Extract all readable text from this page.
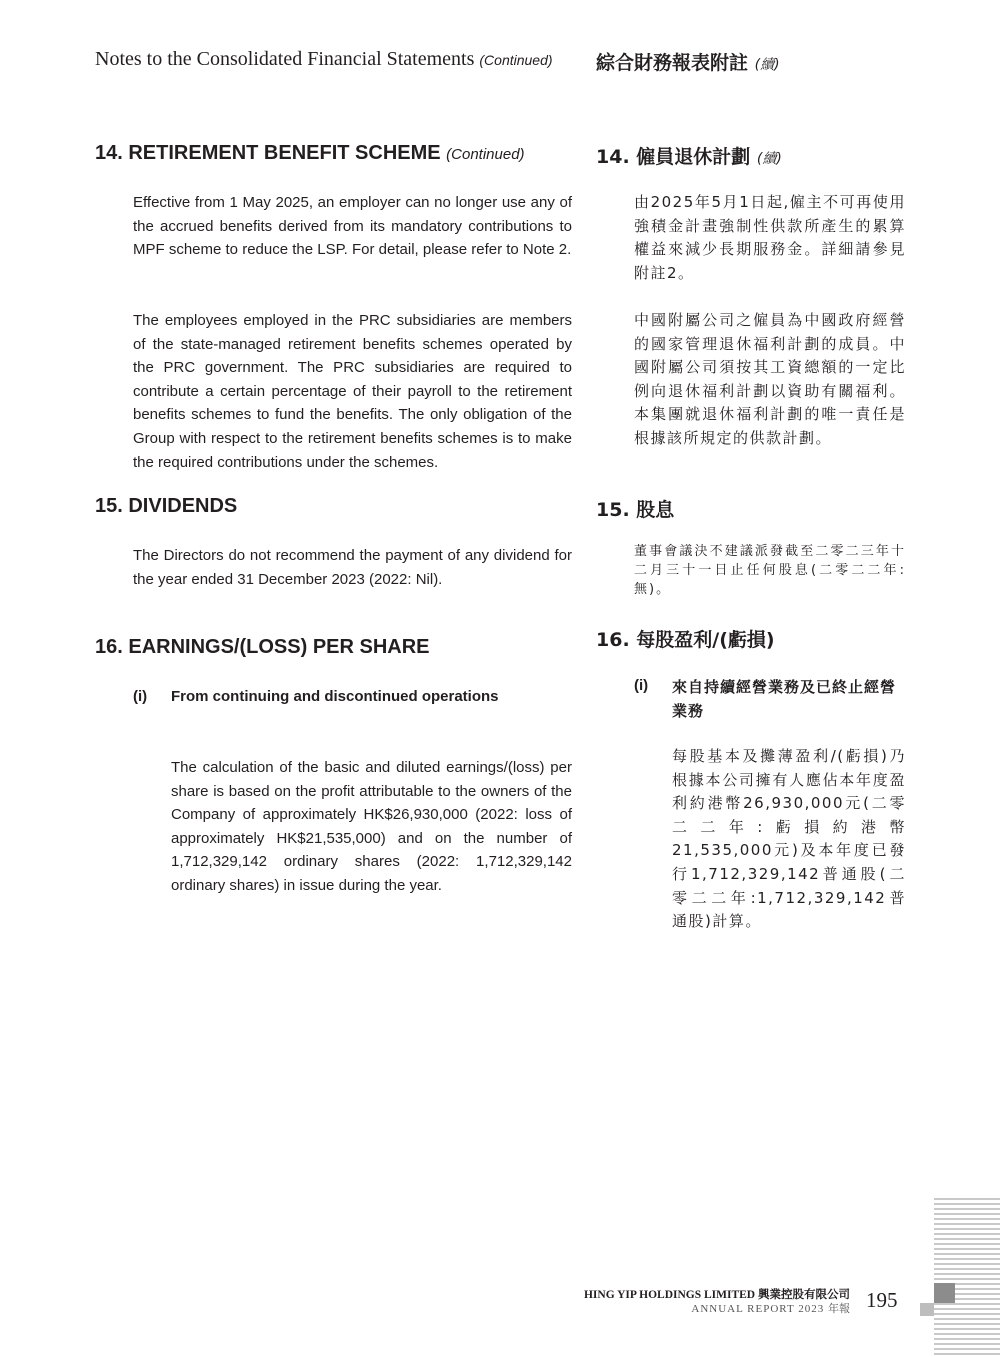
Notes to the Consolidated Financial Statements (Continued) 綜合財務報表附註 (續)
14. RETIREMENT BENEFIT SCHEME (Continued)	14. 僱員退休計劃 (續)
Effective from 1 May 2025, an employer can no longer use any of the accrued benefits derived from its mandatory contributions to MPF scheme to reduce the LSP. For detail, please refer to Note 2.
由2025年5月1日起,僱主不可再使用強積金計畫強制性供款所產生的累算權益來減少長期服務金。詳細請參見附註2。
The employees employed in the PRC subsidiaries are members of the state-managed retirement benefits schemes operated by the PRC government. The PRC subsidiaries are required to contribute a certain percentage of their payroll to the retirement benefits schemes to fund the benefits. The only obligation of the Group with respect to the retirement benefits schemes is to make the required contributions under the schemes.
中國附屬公司之僱員為中國政府經營的國家管理退休福利計劃的成員。中國附屬公司須按其工資總額的一定比例向退休福利計劃以資助有關福利。本集團就退休福利計劃的唯一責任是根據該所規定的供款計劃。
15. DIVIDENDS	15. 股息
The Directors do not recommend the payment of any dividend for the year ended 31 December 2023 (2022: Nil).
董事會議決不建議派發截至二零二三年十二月三十一日止任何股息(二零二二年:無)。
16. EARNINGS/(LOSS) PER SHARE	16. 每股盈利/(虧損)
(i) From continuing and discontinued operations
(i) 來自持續經營業務及已終止經營業務
The calculation of the basic and diluted earnings/(loss) per share is based on the profit attributable to the owners of the Company of approximately HK$26,930,000 (2022: loss of approximately HK$21,535,000) and on the number of 1,712,329,142 ordinary shares (2022: 1,712,329,142 ordinary shares) in issue during the year.
每股基本及攤薄盈利/(虧損)乃根據本公司擁有人應佔本年度盈利約港幣26,930,000元(二零二二年:虧損約港幣21,535,000元)及本年度已發行1,712,329,142普通股(二零二二年:1,712,329,142普通股)計算。
HING YIP HOLDINGS LIMITED 興業控股有限公司
ANNUAL REPORT 2023 年報 195
